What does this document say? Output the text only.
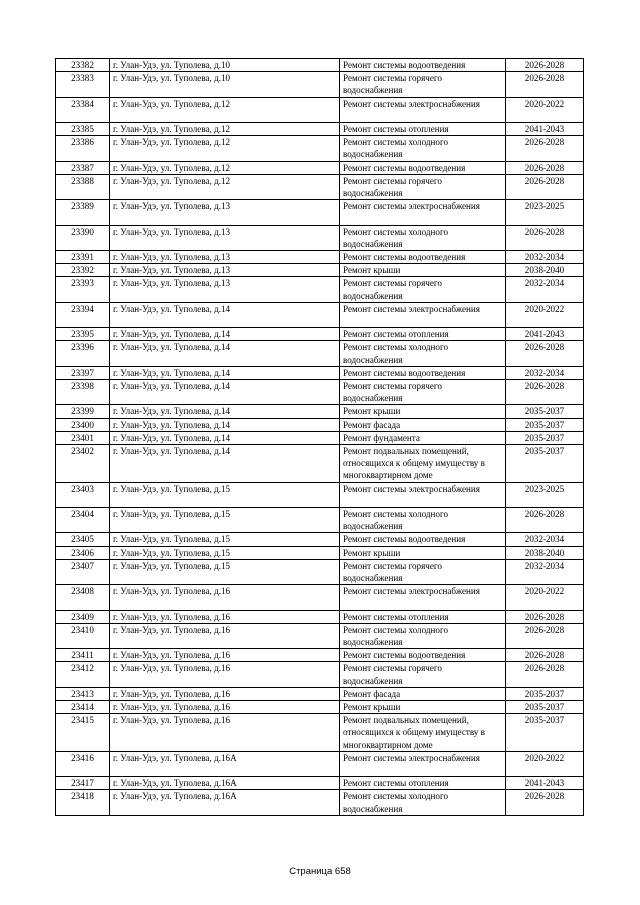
23382	г. Улан-Удэ, ул. Туполева, д.10	Ремонт системы водоотведения	2026-2028
23383	г. Улан-Удэ, ул. Туполева, д.10	Ремонт системы горячего водоснабжения	2026-2028
23384	г. Улан-Удэ, ул. Туполева, д.12	Ремонт системы электроснабжения	2020-2022
23385	г. Улан-Удэ, ул. Туполева, д.12	Ремонт системы отопления	2041-2043
23386	г. Улан-Удэ, ул. Туполева, д.12	Ремонт системы холодного водоснабжения	2026-2028
23387	г. Улан-Удэ, ул. Туполева, д.12	Ремонт системы водоотведения	2026-2028
23388	г. Улан-Удэ, ул. Туполева, д.12	Ремонт системы горячего водоснабжения	2026-2028
23389	г. Улан-Удэ, ул. Туполева, д.13	Ремонт системы электроснабжения	2023-2025
23390	г. Улан-Удэ, ул. Туполева, д.13	Ремонт системы холодного водоснабжения	2026-2028
23391	г. Улан-Удэ, ул. Туполева, д.13	Ремонт системы водоотведения	2032-2034
23392	г. Улан-Удэ, ул. Туполева, д.13	Ремонт крыши	2038-2040
23393	г. Улан-Удэ, ул. Туполева, д.13	Ремонт системы горячего водоснабжения	2032-2034
23394	г. Улан-Удэ, ул. Туполева, д.14	Ремонт системы электроснабжения	2020-2022
23395	г. Улан-Удэ, ул. Туполева, д.14	Ремонт системы отопления	2041-2043
23396	г. Улан-Удэ, ул. Туполева, д.14	Ремонт системы холодного водоснабжения	2026-2028
23397	г. Улан-Удэ, ул. Туполева, д.14	Ремонт системы водоотведения	2032-2034
23398	г. Улан-Удэ, ул. Туполева, д.14	Ремонт системы горячего водоснабжения	2026-2028
23399	г. Улан-Удэ, ул. Туполева, д.14	Ремонт крыши	2035-2037
23400	г. Улан-Удэ, ул. Туполева, д.14	Ремонт фасада	2035-2037
23401	г. Улан-Удэ, ул. Туполева, д.14	Ремонт фундамента	2035-2037
23402	г. Улан-Удэ, ул. Туполева, д.14	Ремонт подвальных помещений, относящихся к общему имуществу в многоквартирном доме	2035-2037
23403	г. Улан-Удэ, ул. Туполева, д.15	Ремонт системы электроснабжения	2023-2025
23404	г. Улан-Удэ, ул. Туполева, д.15	Ремонт системы холодного водоснабжения	2026-2028
23405	г. Улан-Удэ, ул. Туполева, д.15	Ремонт системы водоотведения	2032-2034
23406	г. Улан-Удэ, ул. Туполева, д.15	Ремонт крыши	2038-2040
23407	г. Улан-Удэ, ул. Туполева, д.15	Ремонт системы горячего водоснабжения	2032-2034
23408	г. Улан-Удэ, ул. Туполева, д.16	Ремонт системы электроснабжения	2020-2022
23409	г. Улан-Удэ, ул. Туполева, д.16	Ремонт системы отопления	2026-2028
23410	г. Улан-Удэ, ул. Туполева, д.16	Ремонт системы холодного водоснабжения	2026-2028
23411	г. Улан-Удэ, ул. Туполева, д.16	Ремонт системы водоотведения	2026-2028
23412	г. Улан-Удэ, ул. Туполева, д.16	Ремонт системы горячего водоснабжения	2026-2028
23413	г. Улан-Удэ, ул. Туполева, д.16	Ремонт фасада	2035-2037
23414	г. Улан-Удэ, ул. Туполева, д.16	Ремонт крыши	2035-2037
23415	г. Улан-Удэ, ул. Туполева, д.16	Ремонт подвальных помещений, относящихся к общему имуществу в многоквартирном доме	2035-2037
23416	г. Улан-Удэ, ул. Туполева, д.16А	Ремонт системы электроснабжения	2020-2022
23417	г. Улан-Удэ, ул. Туполева, д.16А	Ремонт системы отопления	2041-2043
23418	г. Улан-Удэ, ул. Туполева, д.16А	Ремонт системы холодного водоснабжения	2026-2028
Страница 658
